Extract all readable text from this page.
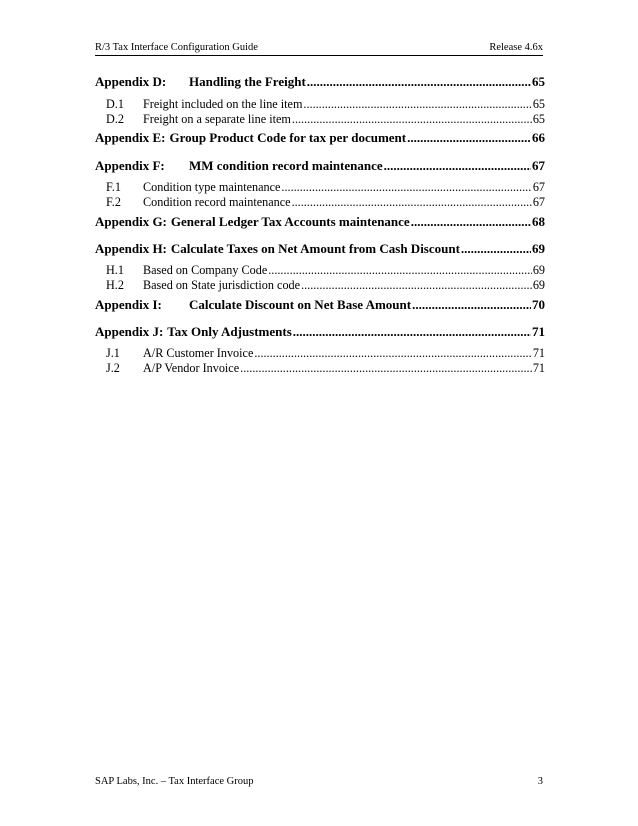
R/3 Tax Interface Configuration Guide	Release 4.6x
Appendix D:	Handling the Freight .....	65
D.1	Freight included on the line item .....	65
D.2	Freight on a separate line item .....	65
Appendix E: Group Product Code for tax per document .....	66
Appendix F:	MM condition record maintenance .....	67
F.1	Condition type maintenance .....	67
F.2	Condition record maintenance .....	67
Appendix G: General Ledger Tax Accounts maintenance .....	68
Appendix H: Calculate Taxes on Net Amount from Cash Discount .....	69
H.1	Based on Company Code .....	69
H.2	Based on State jurisdiction code .....	69
Appendix I:	Calculate Discount on Net Base Amount .....	70
Appendix J: Tax Only Adjustments .....	71
J.1	A/R Customer Invoice .....	71
J.2	A/P Vendor Invoice .....	71
SAP Labs, Inc. – Tax Interface Group	3
